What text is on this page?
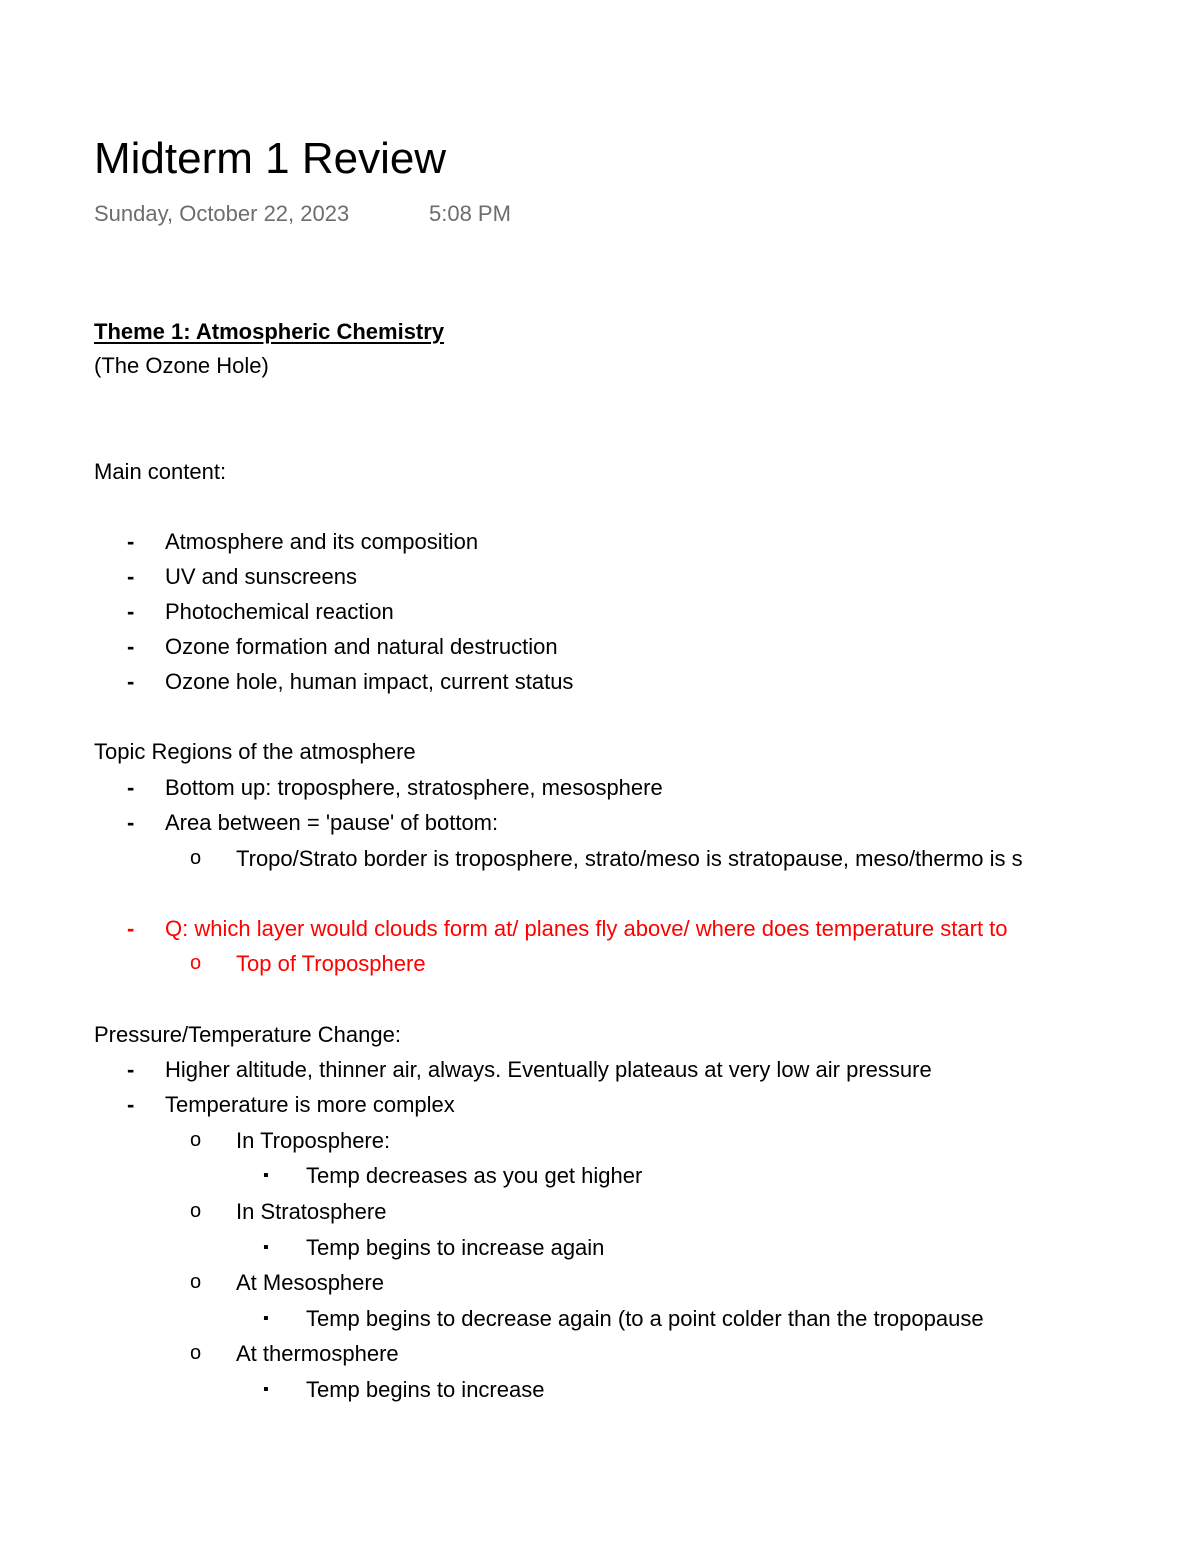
Midterm 1 Review
Sunday, October 22, 2023	5:08 PM
Theme 1: Atmospheric Chemistry
(The Ozone Hole)
Main content:
- Atmosphere and its composition
- UV and sunscreens
- Photochemical reaction
- Ozone formation and natural destruction
- Ozone hole, human impact, current status
Topic Regions of the atmosphere
- Bottom up: troposphere, stratosphere, mesosphere
- Area between = 'pause' of bottom:
o Tropo/Strato border is troposphere, strato/meso is stratopause, meso/thermo is s
- Q: which layer would clouds form at/ planes fly above/ where does temperature start to
o Top of Troposphere
Pressure/Temperature Change:
- Higher altitude, thinner air, always. Eventually plateaus at very low air pressure
- Temperature is more complex
o In Troposphere:
▪ Temp decreases as you get higher
o In Stratosphere
▪ Temp begins to increase again
o At Mesosphere
▪ Temp begins to decrease again (to a point colder than the tropopause
o At thermosphere
▪ Temp begins to increase
